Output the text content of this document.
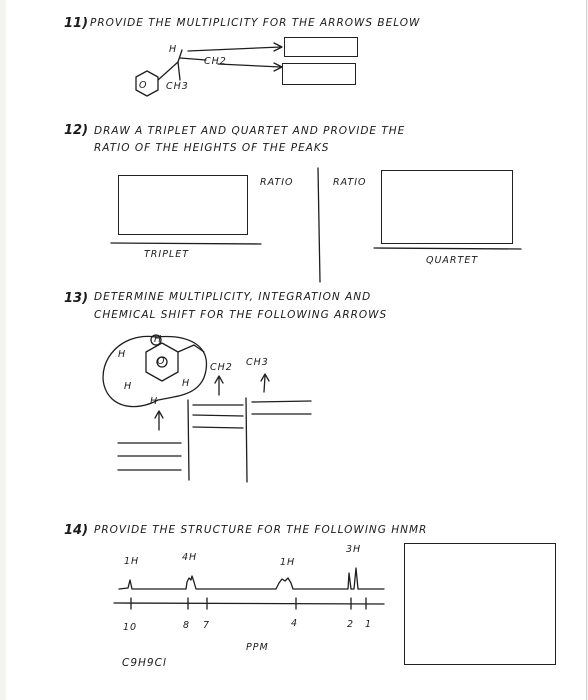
11) PROVIDE THE MULTIPLICITY FOR THE ARROWS BELOW
H
CH2
CH3
O
12) DRAW A TRIPLET AND QUARTET AND PROVIDE THE
RATIO OF THE HEIGHTS OF THE PEAKS
RATIO	RATIO
TRIPLET
QUARTET
13) DETERMINE MULTIPLICITY, INTEGRATION AND
CHEMICAL SHIFT FOR THE FOLLOWING ARROWS
H
H
H
H
H
O
CH2 CH3
14) PROVIDE THE STRUCTURE FOR THE FOLLOWING HNMR
1H	4H	1H
3H
10	8 7	4	2 1
PPM
C9H9Cl
